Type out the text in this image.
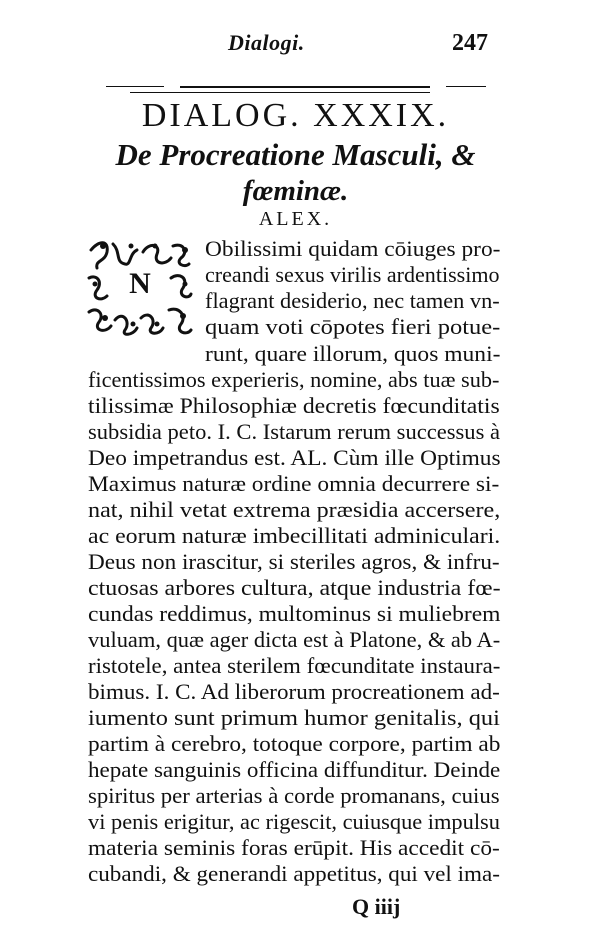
Dialogi.	247
DIALOG. XXXIX.
De Procreatione Masculi, &
fœminæ.
ALEX.
N
Obilissimi quidam cōiuges pro-
creandi sexus virilis ardentissimo
flagrant desiderio, nec tamen vn-
quam voti cōpotes fieri potue-
runt, quare illorum, quos muni-
ficentissimos experieris, nomine, abs tuæ sub-
tilissimæ Philosophiæ decretis fœcunditatis
subsidia peto. I. C. Istarum rerum successus à
Deo impetrandus est. AL. Cùm ille Optimus
Maximus naturæ ordine omnia decurrere si-
nat, nihil vetat extrema præsidia accersere,
ac eorum naturæ imbecillitati adminiculari.
Deus non irascitur, si steriles agros, & infru-
ctuosas arbores cultura, atque industria fœ-
cundas reddimus, multominus si muliebrem
vuluam, quæ ager dicta est à Platone, & ab A-
ristotele, antea sterilem fœcunditate instaura-
bimus. I. C. Ad liberorum procreationem ad-
iumento sunt primum humor genitalis, qui
partim à cerebro, totoque corpore, partim ab
hepate sanguinis officina diffunditur. Deinde
spiritus per arterias à corde promanans, cuius
vi penis erigitur, ac rigescit, cuiusque impulsu
materia seminis foras erūpit. His accedit cō-
cubandi, & generandi appetitus, qui vel ima-
Q iiij
